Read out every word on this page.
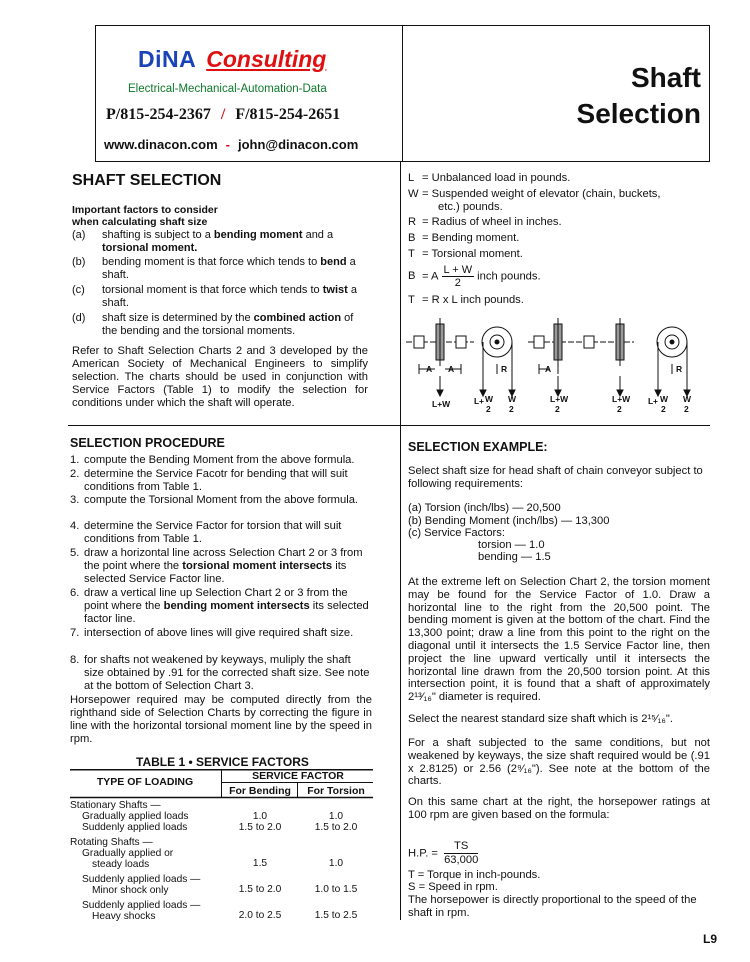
DiNA Consulting
Electrical-Mechanical-Automation-Data
P/815-254-2367 / F/815-254-2651
www.dinacon.com - john@dinacon.com
Shaft
Selection
SHAFT SELECTION
Important factors to consider
when calculating shaft size
(a)	shafting is subject to a bending moment and a torsional moment.
(b)	bending moment is that force which tends to bend a shaft.
(c)	torsional moment is that force which tends to twist a shaft.
(d)	shaft size is determined by the combined action of the bending and the torsional moments.
Refer to Shaft Selection Charts 2 and 3 developed by the American Society of Mechanical Engineers to simplify selection. The charts should be used in conjunction with Service Factors (Table 1) to modify the selection for conditions under which the shaft will operate.
L = Unbalanced load in pounds.
W = Suspended weight of elevator (chain, buckets,
etc.) pounds.
R = Radius of wheel in inches.
B = Bending moment.
T = Torsional moment.
B = A $\frac{L + W}{2}$ inch pounds.
T = R x L inch pounds.
A A	R	A	R
L+W	L + W
2
W
2
L+W
2
L+W
2
L + W
2
W
2
SELECTION PROCEDURE
1. compute the Bending Moment from the above formula.
2. determine the Service Facotr for bending that will suit conditions from Table 1.
3. compute the Torsional Moment from the above formula.
4. determine the Service Factor for torsion that will suit conditions from Table 1.
5. draw a horizontal line across Selection Chart 2 or 3 from the point where the torsional moment intersects its selected Service Factor line.
6. draw a vertical line up Selection Chart 2 or 3 from the point where the bending moment intersects its selected factor line.
7. intersection of above lines will give required shaft size.
8. for shafts not weakened by keyways, muliply the shaft size obtained by .91 for the corrected shaft size. See note at the bottom of Selection Chart 3.
Horsepower required may be computed directly from the righthand side of Selection Charts by correcting the figure in line with the horizontal torsional moment line by the speed in rpm.
TABLE 1 • SERVICE FACTORS
TYPE OF LOADING	SERVICE FACTOR
For Bending	For Torsion
Stationary Shafts —
Gradually applied loads	1.0	1.0
Suddenly applied loads	1.5 to 2.0	1.5 to 2.0
Rotating Shafts —
Gradually applied or
steady loads	1.5	1.0
Suddenly applied loads —
Minor shock only	1.5 to 2.0	1.0 to 1.5
Suddenly applied loads —
Heavy shocks	2.0 to 2.5	1.5 to 2.5
SELECTION EXAMPLE:
Select shaft size for head shaft of chain conveyor subject to following requirements:
(a) Torsion (inch/lbs) — 20,500
(b) Bending Moment (inch/lbs) — 13,300
(c) Service Factors:
torsion — 1.0
bending — 1.5
At the extreme left on Selection Chart 2, the torsion moment may be found for the Service Factor of 1.0. Draw a horizontal line to the right from the 20,500 point. The bending moment is given at the bottom of the chart. Find the 13,300 point; draw a line from this point to the right on the diagonal until it intersects the 1.5 Service Factor line, then project the line upward vertically until it intersects the horizontal line drawn from the 20,500 torsion point. At this intersection point, it is found that a shaft of approximately 2¹³⁄₁₆" diameter is required.
Select the nearest standard size shaft which is 2¹⁵⁄₁₆".
For a shaft subjected to the same conditions, but not weakened by keyways, the size shaft required would be (.91 x 2.8125) or 2.56 (2⁹⁄₁₆"). See note at the bottom of the charts.
On this same chart at the right, the horsepower ratings at 100 rpm are given based on the formula:
H.P. = $\frac{TS}{63,000}$
T = Torque in inch-pounds.
S = Speed in rpm.
The horsepower is directly proportional to the speed of the shaft in rpm.
L9
